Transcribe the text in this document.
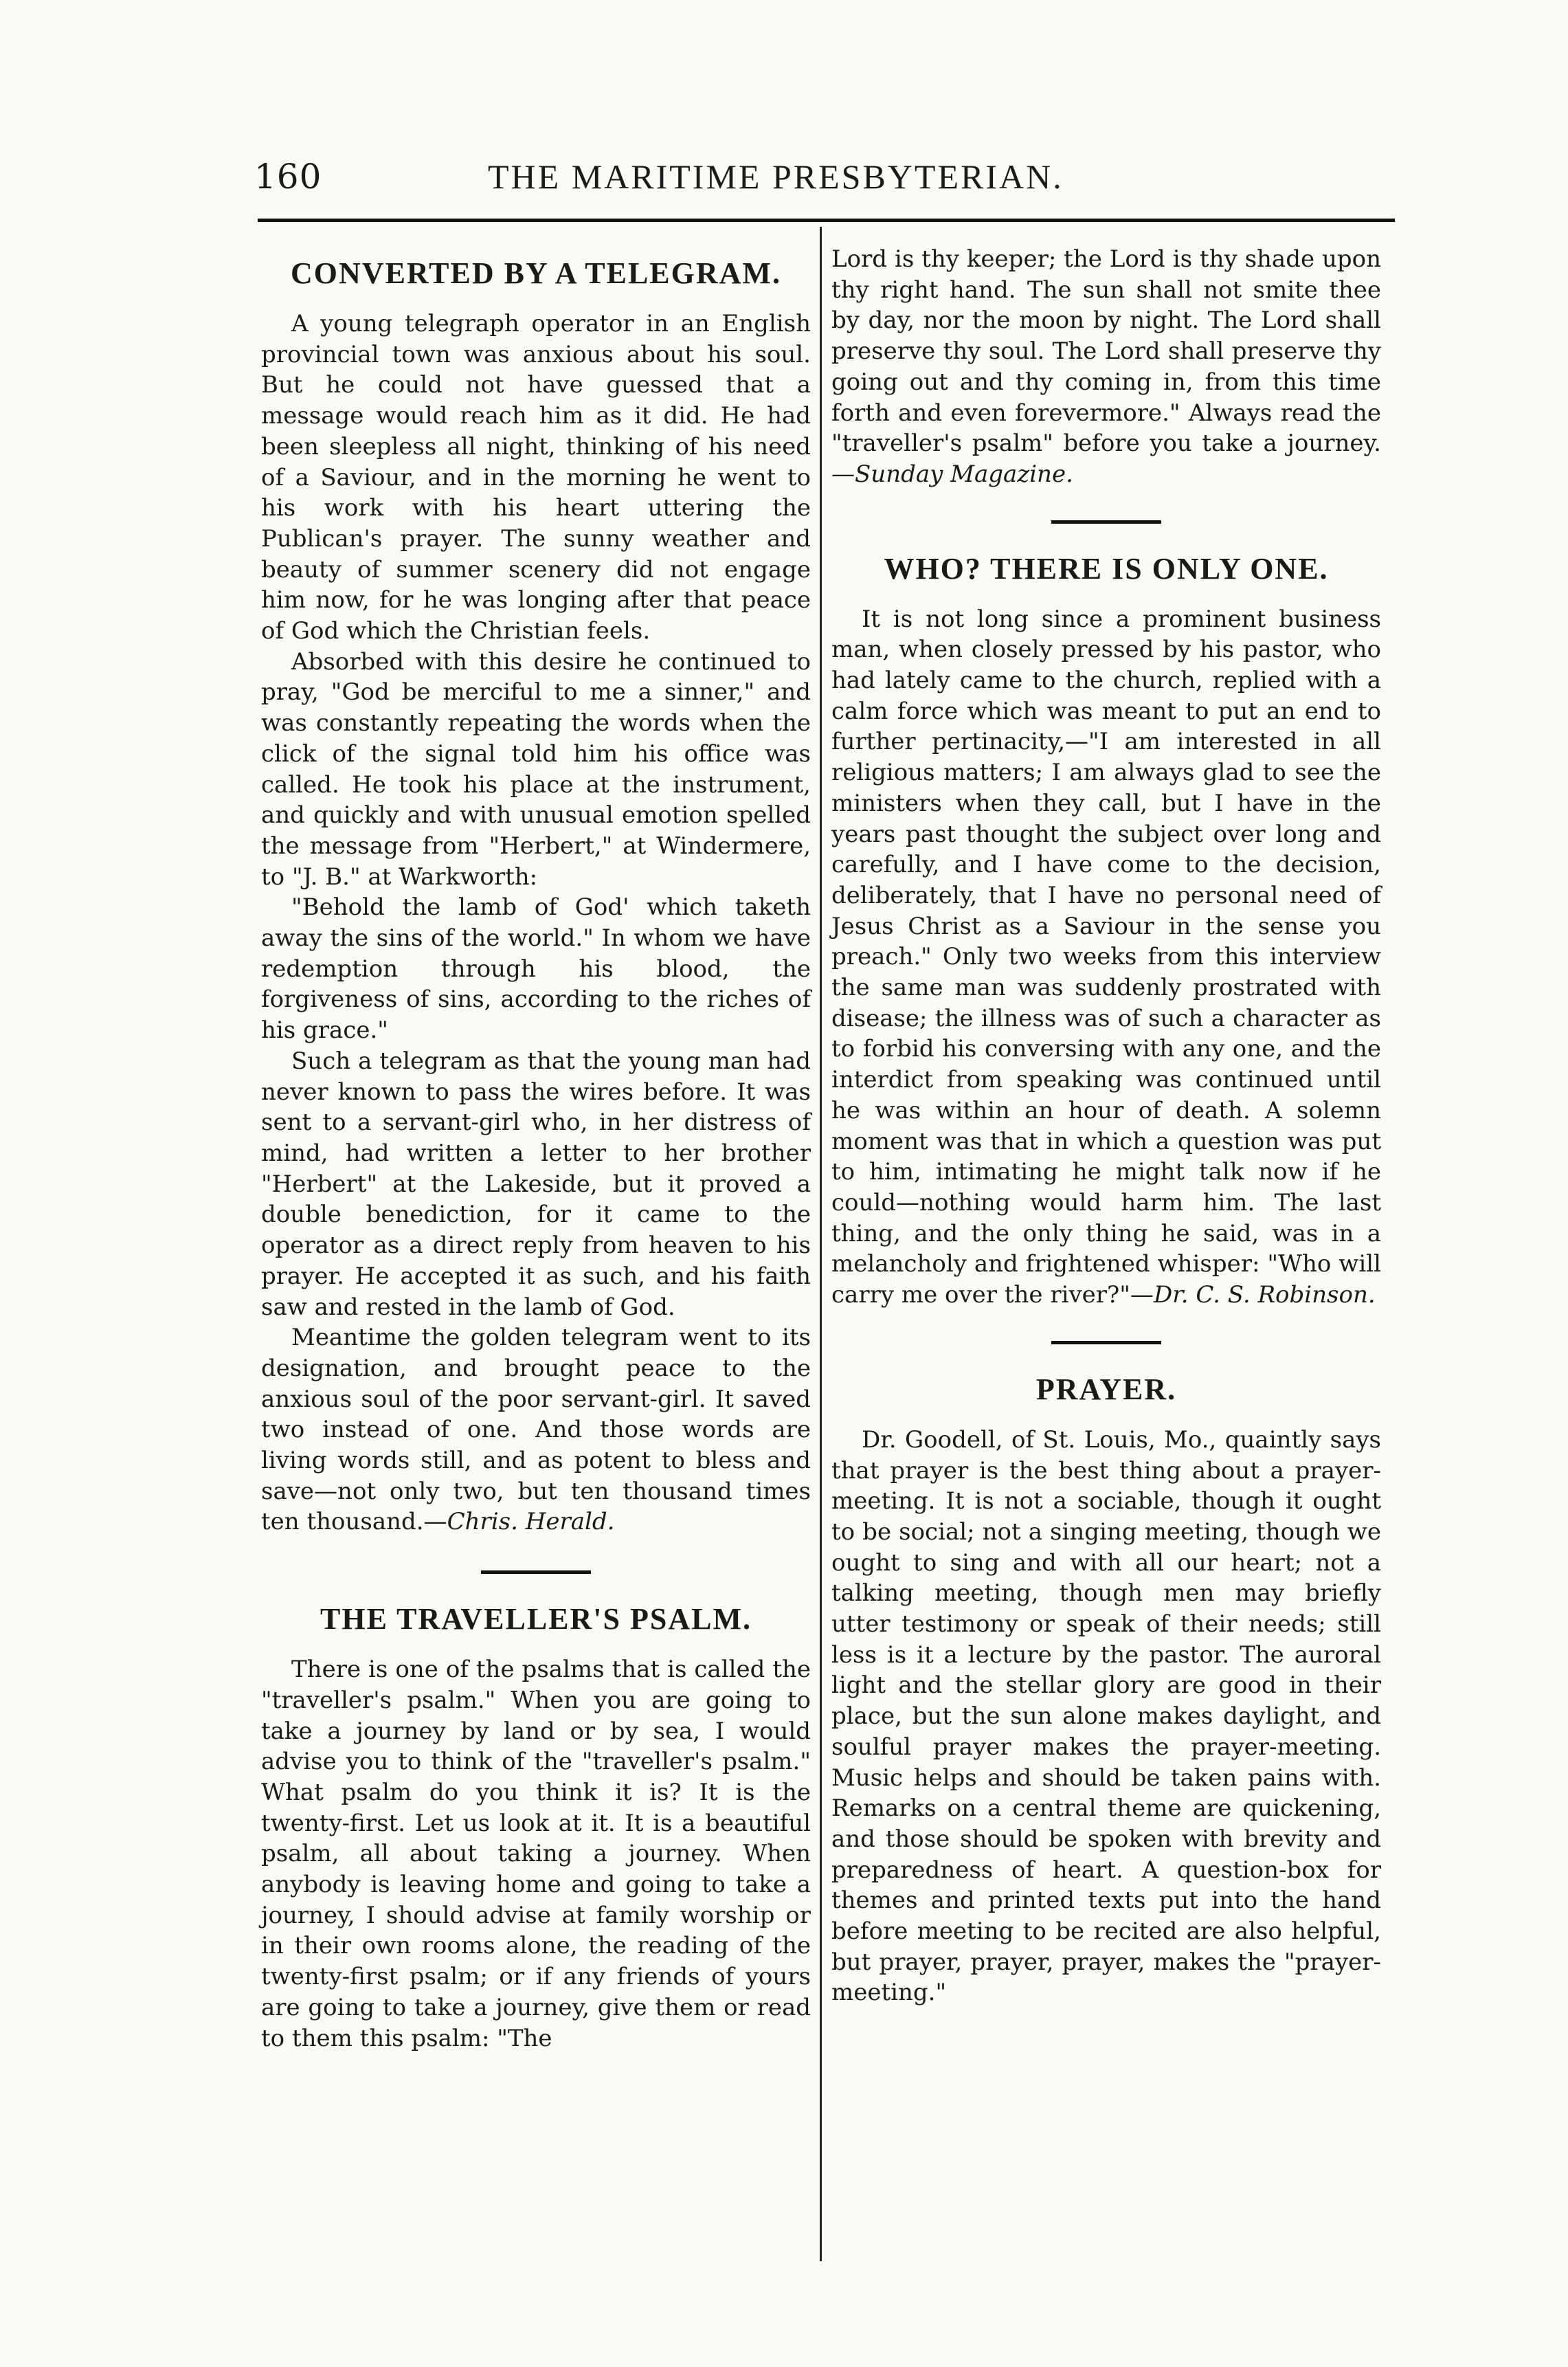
160	THE MARITIME PRESBYTERIAN.
CONVERTED BY A TELEGRAM.

A young telegraph operator in an English provincial town was anxious about his soul. But he could not have guessed that a message would reach him as it did. He had been sleepless all night, thinking of his need of a Saviour, and in the morning he went to his work with his heart uttering the Publican's prayer. The sunny weather and beauty of summer scenery did not engage him now, for he was longing after that peace of God which the Christian feels.

Absorbed with this desire he continued to pray, "God be merciful to me a sinner," and was constantly repeating the words when the click of the signal told him his office was called. He took his place at the instrument, and quickly and with unusual emotion spelled the message from "Herbert," at Windermere, to "J. B." at Warkworth:

"Behold the lamb of God' which taketh away the sins of the world." In whom we have redemption through his blood, the forgiveness of sins, according to the riches of his grace."

Such a telegram as that the young man had never known to pass the wires before. It was sent to a servant-girl who, in her distress of mind, had written a letter to her brother "Herbert" at the Lakeside, but it proved a double benediction, for it came to the operator as a direct reply from heaven to his prayer. He accepted it as such, and his faith saw and rested in the lamb of God.

Meantime the golden telegram went to its designation, and brought peace to the anxious soul of the poor servant-girl. It saved two instead of one. And those words are living words still, and as potent to bless and save—not only two, but ten thousand times ten thousand.—Chris. Herald.

THE TRAVELLER'S PSALM.

There is one of the psalms that is called the "traveller's psalm." When you are going to take a journey by land or by sea, I would advise you to think of the "traveller's psalm." What psalm do you think it is? It is the twenty-first. Let us look at it. It is a beautiful psalm, all about taking a journey. When anybody is leaving home and going to take a journey, I should advise at family worship or in their own rooms alone, the reading of the twenty-first psalm; or if any friends of yours are going to take a journey, give them or read to them this psalm: "The

Lord is thy keeper; the Lord is thy shade upon thy right hand. The sun shall not smite thee by day, nor the moon by night. The Lord shall preserve thy soul. The Lord shall preserve thy going out and thy coming in, from this time forth and even forevermore." Always read the "traveller's psalm" before you take a journey.—Sunday Magazine.

WHO? THERE IS ONLY ONE.

It is not long since a prominent business man, when closely pressed by his pastor, who had lately came to the church, replied with a calm force which was meant to put an end to further pertinacity,—"I am interested in all religious matters; I am always glad to see the ministers when they call, but I have in the years past thought the subject over long and carefully, and I have come to the decision, deliberately, that I have no personal need of Jesus Christ as a Saviour in the sense you preach." Only two weeks from this interview the same man was suddenly prostrated with disease; the illness was of such a character as to forbid his conversing with any one, and the interdict from speaking was continued until he was within an hour of death. A solemn moment was that in which a question was put to him, intimating he might talk now if he could—nothing would harm him. The last thing, and the only thing he said, was in a melancholy and frightened whisper: "Who will carry me over the river?"—Dr. C. S. Robinson.

PRAYER.

Dr. Goodell, of St. Louis, Mo., quaintly says that prayer is the best thing about a prayer-meeting. It is not a sociable, though it ought to be social; not a singing meeting, though we ought to sing and with all our heart; not a talking meeting, though men may briefly utter testimony or speak of their needs; still less is it a lecture by the pastor. The auroral light and the stellar glory are good in their place, but the sun alone makes daylight, and soulful prayer makes the prayer-meeting. Music helps and should be taken pains with. Remarks on a central theme are quickening, and those should be spoken with brevity and preparedness of heart. A question-box for themes and printed texts put into the hand before meeting to be recited are also helpful, but prayer, prayer, prayer, makes the "prayer-meeting."
